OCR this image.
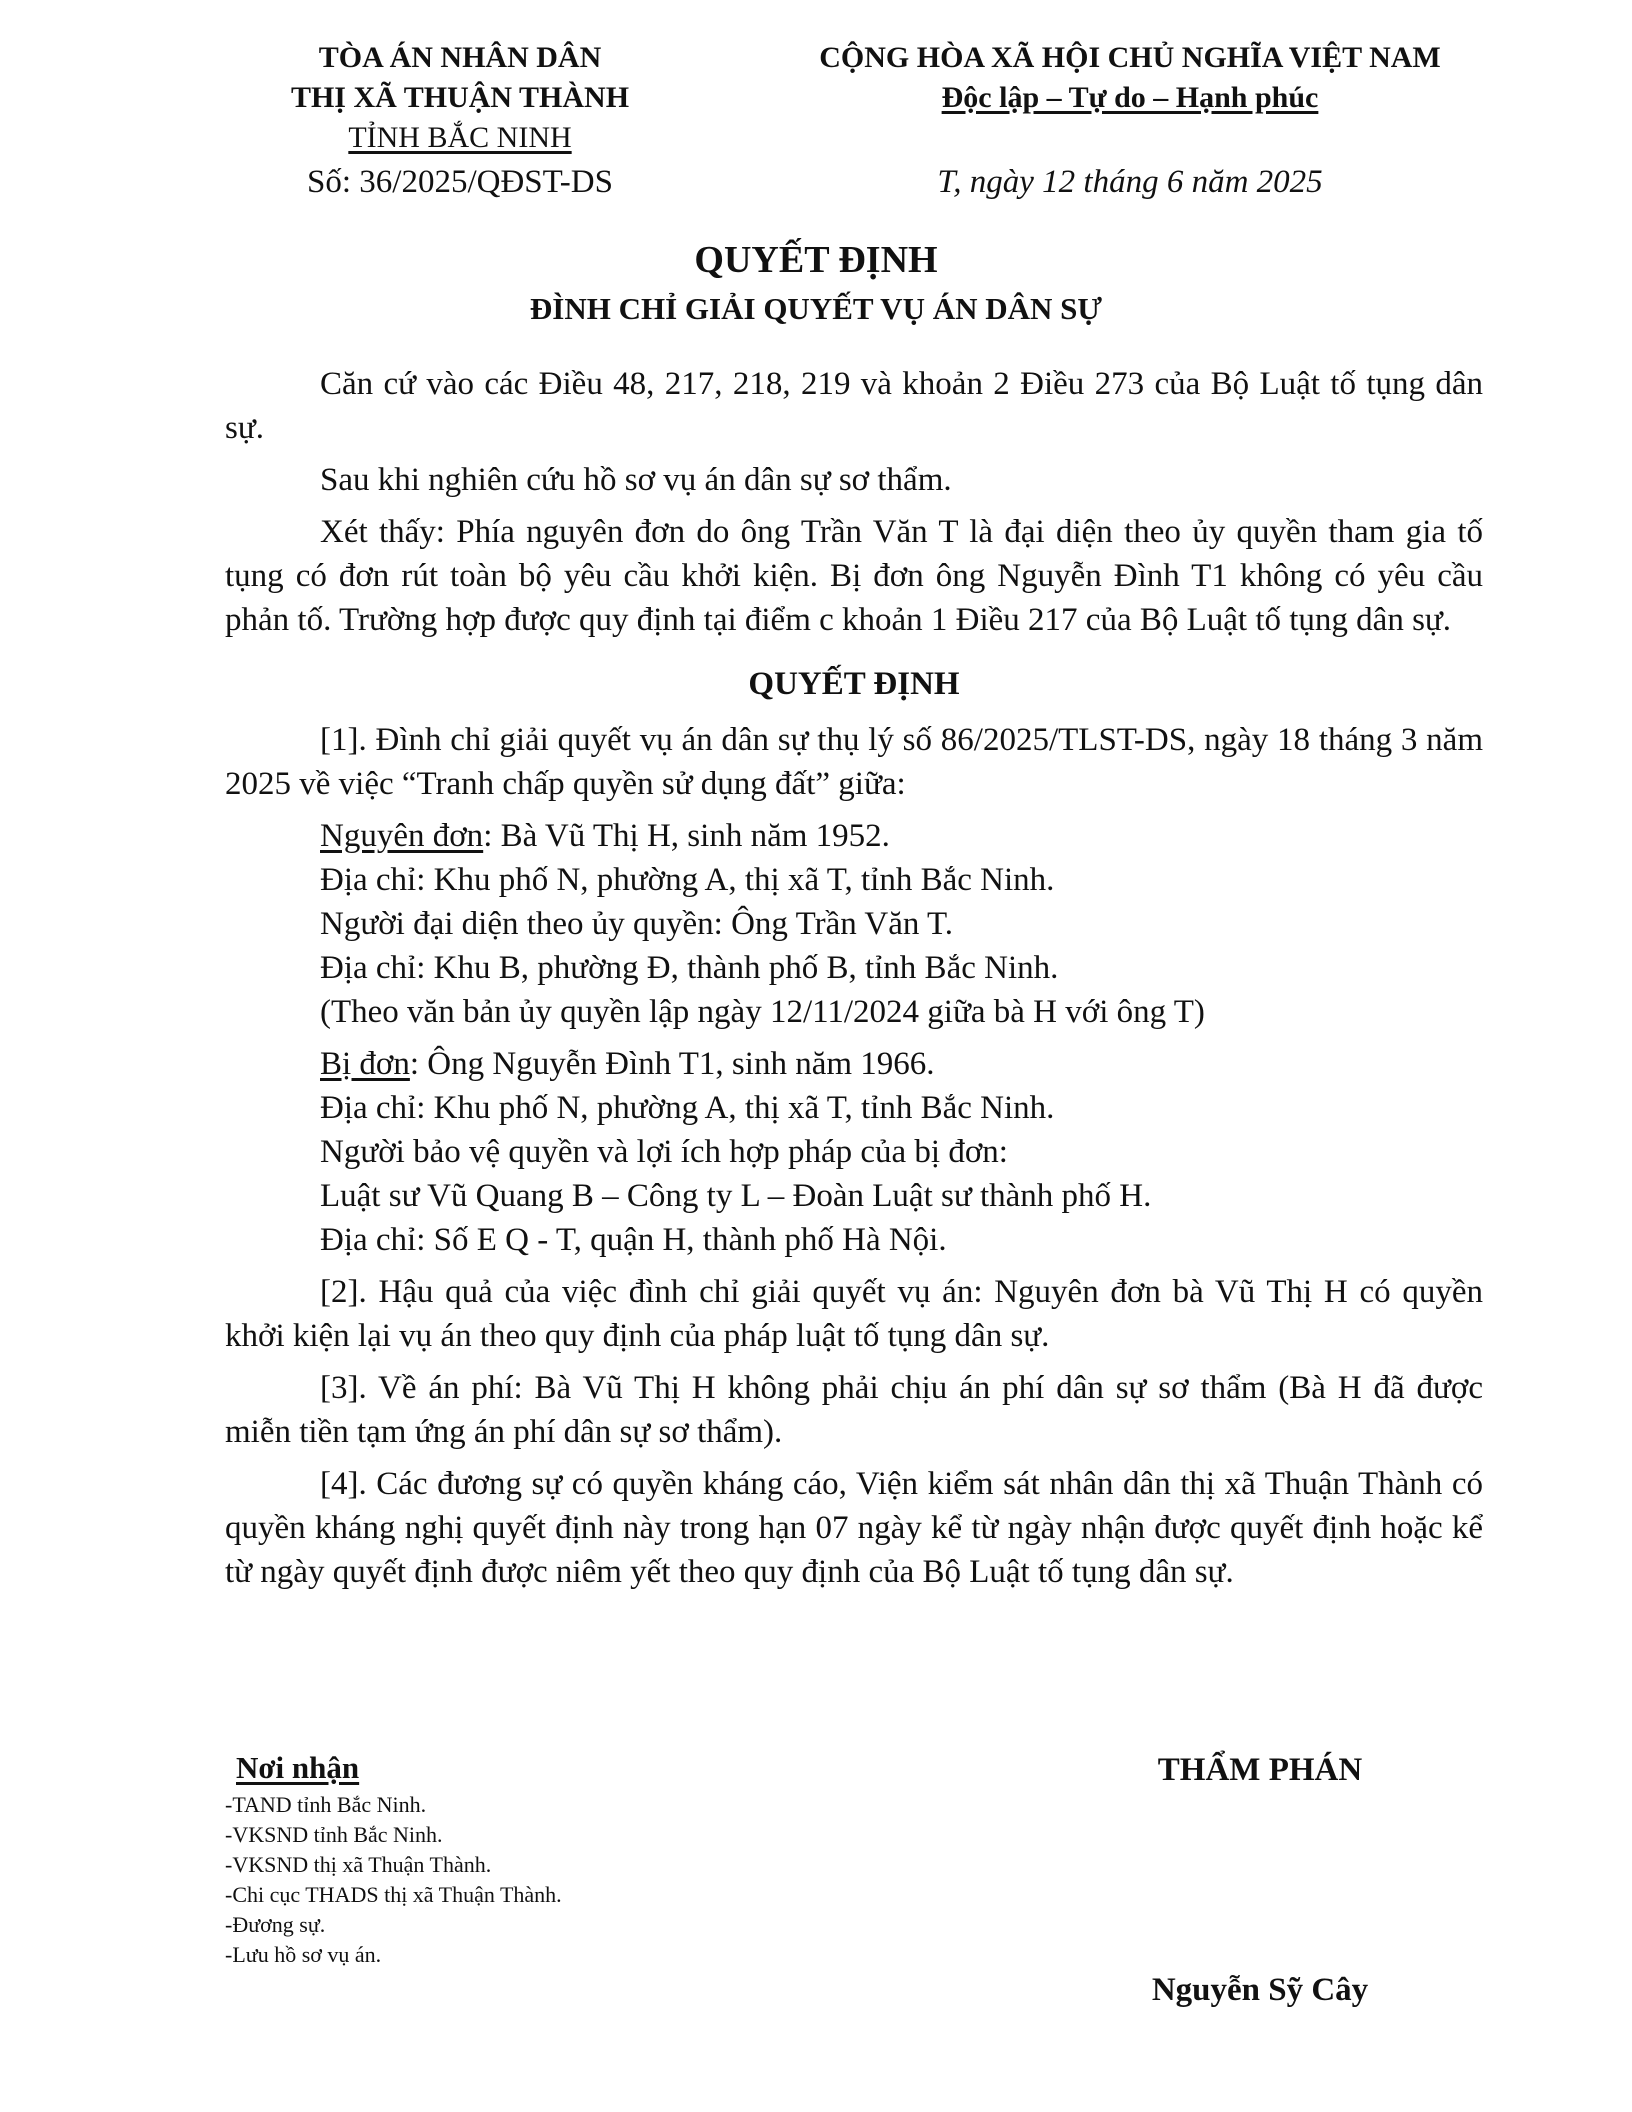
TÒA ÁN NHÂN DÂN
THỊ XÃ THUẬN THÀNH
TỈNH BẮC NINH
CỘNG HÒA XÃ HỘI CHỦ NGHĨA VIỆT NAM
Độc lập – Tự do – Hạnh phúc
Số: 36/2025/QĐST-DS	T, ngày 12 tháng 6 năm 2025
QUYẾT ĐỊNH
ĐÌNH CHỈ GIẢI QUYẾT VỤ ÁN DÂN SỰ

Căn cứ vào các Điều 48, 217, 218, 219 và khoản 2 Điều 273 của Bộ Luật tố tụng dân sự.

Sau khi nghiên cứu hồ sơ vụ án dân sự sơ thẩm.

Xét thấy: Phía nguyên đơn do ông Trần Văn T là đại diện theo ủy quyền tham gia tố tụng có đơn rút toàn bộ yêu cầu khởi kiện. Bị đơn ông Nguyễn Đình T1 không có yêu cầu phản tố. Trường hợp được quy định tại điểm c khoản 1 Điều 217 của Bộ Luật tố tụng dân sự.

QUYẾT ĐỊNH

[1]. Đình chỉ giải quyết vụ án dân sự thụ lý số 86/2025/TLST-DS, ngày 18 tháng 3 năm 2025 về việc “Tranh chấp quyền sử dụng đất” giữa:

Nguyên đơn: Bà Vũ Thị H, sinh năm 1952.

Địa chỉ: Khu phố N, phường A, thị xã T, tỉnh Bắc Ninh.

Người đại diện theo ủy quyền: Ông Trần Văn T.

Địa chỉ: Khu B, phường Đ, thành phố B, tỉnh Bắc Ninh.

(Theo văn bản ủy quyền lập ngày 12/11/2024 giữa bà H với ông T)

Bị đơn: Ông Nguyễn Đình T1, sinh năm 1966.

Địa chỉ: Khu phố N, phường A, thị xã T, tỉnh Bắc Ninh.

Người bảo vệ quyền và lợi ích hợp pháp của bị đơn:

Luật sư Vũ Quang B – Công ty L – Đoàn Luật sư thành phố H.

Địa chỉ: Số E Q - T, quận H, thành phố Hà Nội.

[2]. Hậu quả của việc đình chỉ giải quyết vụ án: Nguyên đơn bà Vũ Thị H có quyền khởi kiện lại vụ án theo quy định của pháp luật tố tụng dân sự.

[3]. Về án phí: Bà Vũ Thị H không phải chịu án phí dân sự sơ thẩm (Bà H đã được miễn tiền tạm ứng án phí dân sự sơ thẩm).

[4]. Các đương sự có quyền kháng cáo, Viện kiểm sát nhân dân thị xã Thuận Thành có quyền kháng nghị quyết định này trong hạn 07 ngày kể từ ngày nhận được quyết định hoặc kể từ ngày quyết định được niêm yết theo quy định của Bộ Luật tố tụng dân sự.

Nơi nhận
-TAND tỉnh Bắc Ninh.
-VKSND tỉnh Bắc Ninh.
-VKSND thị xã Thuận Thành.
-Chi cục THADS thị xã Thuận Thành.
-Đương sự.
-Lưu hồ sơ vụ án.
THẨM PHÁN
Nguyễn Sỹ Cây
